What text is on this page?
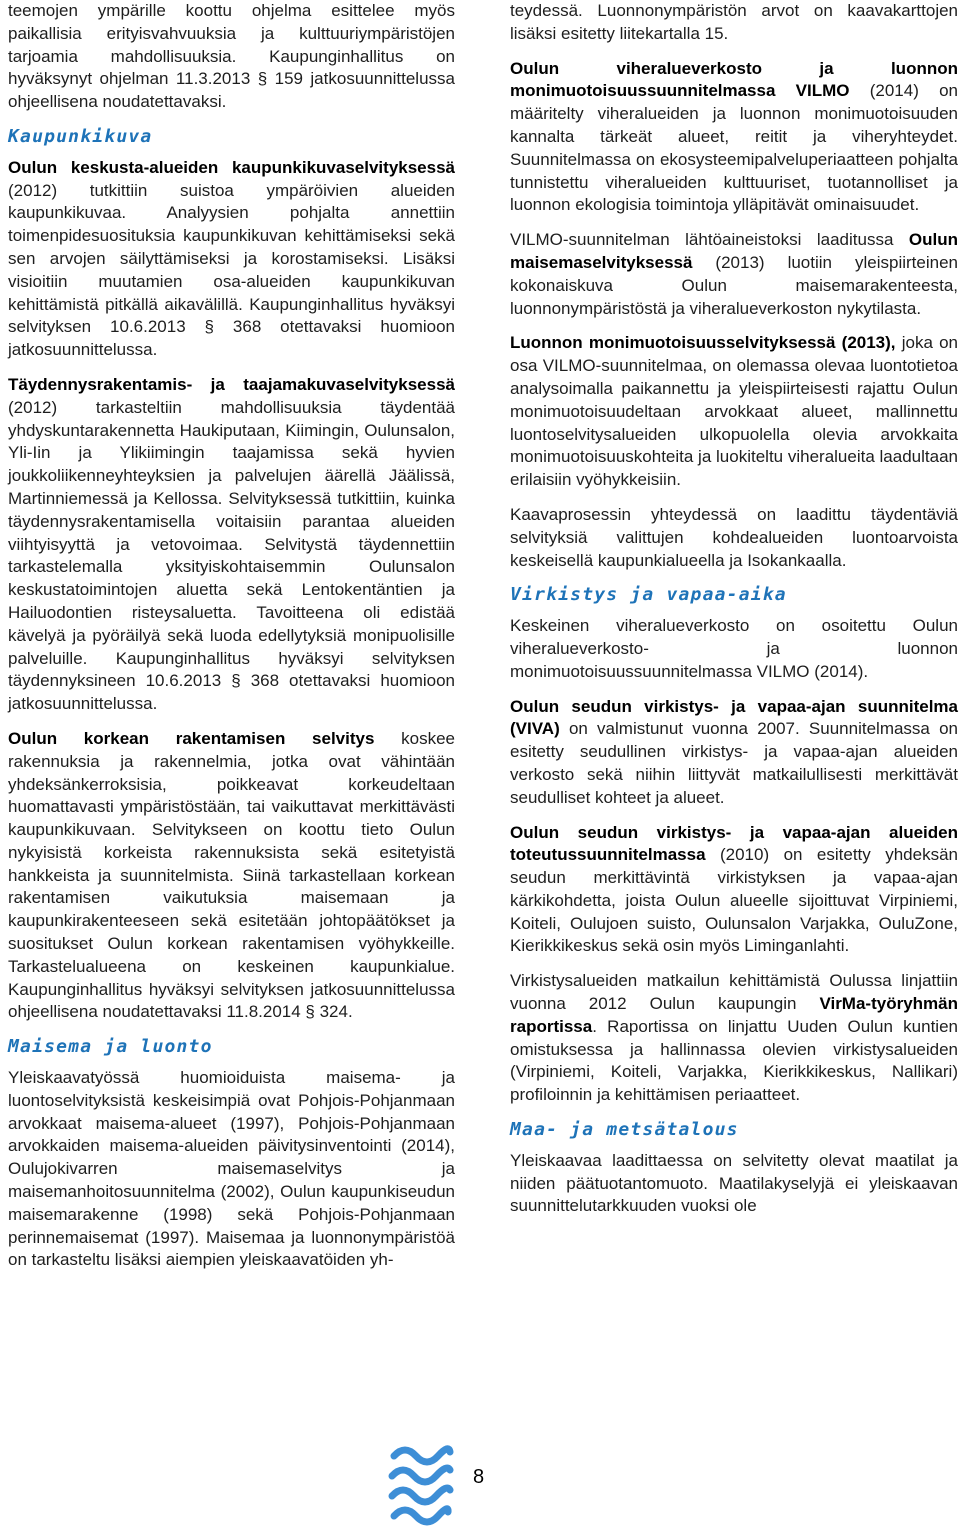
teemojen ympärille koottu ohjelma esittelee myös paikallisia erityisvahvuuksia ja kulttuuriympäristöjen tarjoamia mahdollisuuksia. Kaupunginhallitus on hyväksynyt ohjelman 11.3.2013 § 159 jatkosuunnittelussa ohjeellisena noudatettavaksi.

Kaupunkikuva

Oulun keskusta-alueiden kaupunkikuvaselvityksessä (2012) tutkittiin suistoa ympäröivien alueiden kaupunkikuvaa. Analyysien pohjalta annettiin toimenpidesuosituksia kaupunkikuvan kehittämiseksi sekä sen arvojen säilyttämiseksi ja korostamiseksi. Lisäksi visioitiin muutamien osa-alueiden kaupunkikuvan kehittämistä pitkällä aikavälillä. Kaupunginhallitus hyväksyi selvityksen 10.6.2013 § 368 otettavaksi huomioon jatkosuunnittelussa.

Täydennysrakentamis- ja taajamakuvaselvityksessä (2012) tarkasteltiin mahdollisuuksia täydentää yhdyskuntarakennetta Haukiputaan, Kiimingin, Oulunsalon, Yli-Iin ja Ylikiimingin taajamissa sekä hyvien joukkoliikenneyhteyksien ja palvelujen äärellä Jäälissä, Martinniemessä ja Kellossa. Selvityksessä tutkittiin, kuinka täydennysrakentamisella voitaisiin parantaa alueiden viihtyisyyttä ja vetovoimaa. Selvitystä täydennettiin tarkastelemalla yksityiskohtaisemmin Oulunsalon keskustatoimintojen aluetta sekä Lentokentäntien ja Hailuodontien risteysaluetta. Tavoitteena oli edistää kävelyä ja pyöräilyä sekä luoda edellytyksiä monipuolisille palveluille. Kaupunginhallitus hyväksyi selvityksen täydennyksineen 10.6.2013 § 368 otettavaksi huomioon jatkosuunnittelussa.

Oulun korkean rakentamisen selvitys koskee rakennuksia ja rakennelmia, jotka ovat vähintään yhdeksänkerroksisia, poikkeavat korkeudeltaan huomattavasti ympäristöstään, tai vaikuttavat merkittävästi kaupunkikuvaan. Selvitykseen on koottu tieto Oulun nykyisistä korkeista rakennuksista sekä esitetyistä hankkeista ja suunnitelmista. Siinä tarkastellaan korkean rakentamisen vaikutuksia maisemaan ja kaupunkirakenteeseen sekä esitetään johtopäätökset ja suositukset Oulun korkean rakentamisen vyöhykkeille. Tarkastelualueena on keskeinen kaupunkialue. Kaupunginhallitus hyväksyi selvityksen jatkosuunnittelussa ohjeellisena noudatettavaksi 11.8.2014 § 324.

Maisema ja luonto

Yleiskaavatyössä huomioiduista maisema- ja luontoselvityksistä keskeisimpiä ovat Pohjois-Pohjanmaan arvokkaat maisema-alueet (1997), Pohjois-Pohjanmaan arvokkaiden maisema-alueiden päivitysinventointi (2014), Oulujokivarren maisemaselvitys ja maisemanhoitosuunnitelma (2002), Oulun kaupunkiseudun maisemarakenne (1998) sekä Pohjois-Pohjanmaan perinnemaisemat (1997). Maisemaa ja luonnonympäristöä on tarkasteltu lisäksi aiempien yleiskaavatöiden yh-

teydessä. Luonnonympäristön arvot on kaavakarttojen lisäksi esitetty liitekartalla 15.

Oulun viheralueverkosto ja luonnon monimuotoisuussuunnitelmassa VILMO (2014) on määritelty viheralueiden ja luonnon monimuotoisuuden kannalta tärkeät alueet, reitit ja viheryhteydet. Suunnitelmassa on ekosysteemipalveluperiaatteen pohjalta tunnistettu viheralueiden kulttuuriset, tuotannolliset ja luonnon ekologisia toimintoja ylläpitävät ominaisuudet.

VILMO-suunnitelman lähtöaineistoksi laaditussa Oulun maisemaselvityksessä (2013) luotiin yleispiirteinen kokonaiskuva Oulun maisemarakenteesta, luonnonympäristöstä ja viheralueverkoston nykytilasta.

Luonnon monimuotoisuusselvityksessä (2013), joka on osa VILMO-suunnitelmaa, on olemassa olevaa luontotietoa analysoimalla paikannettu ja yleispiirteisesti rajattu Oulun monimuotoisuudeltaan arvokkaat alueet, mallinnettu luontoselvitysalueiden ulkopuolella olevia arvokkaita monimuotoisuuskohteita ja luokiteltu viheralueita laadultaan erilaisiin vyöhykkeisiin.

Kaavaprosessin yhteydessä on laadittu täydentäviä selvityksiä valittujen kohdealueiden luontoarvoista keskeisellä kaupunkialueella ja Isokankaalla.

Virkistys ja vapaa-aika

Keskeinen viheralueverkosto on osoitettu Oulun viheralueverkosto- ja luonnon monimuotoisuussuunnitelmassa VILMO (2014).

Oulun seudun virkistys- ja vapaa-ajan suunnitelma (VIVA) on valmistunut vuonna 2007. Suunnitelmassa on esitetty seudullinen virkistys- ja vapaa-ajan alueiden verkosto sekä niihin liittyvät matkailullisesti merkittävät seudulliset kohteet ja alueet.

Oulun seudun virkistys- ja vapaa-ajan alueiden toteutussuunnitelmassa (2010) on esitetty yhdeksän seudun merkittävintä virkistyksen ja vapaa-ajan kärkikohdetta, joista Oulun alueelle sijoittuvat Virpiniemi, Koiteli, Oulujoen suisto, Oulunsalon Varjakka, OuluZone, Kierikkikeskus sekä osin myös Liminganlahti.

Virkistysalueiden matkailun kehittämistä Oulussa linjattiin vuonna 2012 Oulun kaupungin VirMa-työryhmän raportissa. Raportissa on linjattu Uuden Oulun kuntien omistuksessa ja hallinnassa olevien virkistysalueiden (Virpiniemi, Koiteli, Varjakka, Kierikkikeskus, Nallikari) profiloinnin ja kehittämisen periaatteet.

Maa- ja metsätalous

Yleiskaavaa laadittaessa on selvitetty olevat maatilat ja niiden päätuotantomuoto. Maatilakyselyjä ei yleiskaavan suunnittelutarkkuuden vuoksi ole

8
